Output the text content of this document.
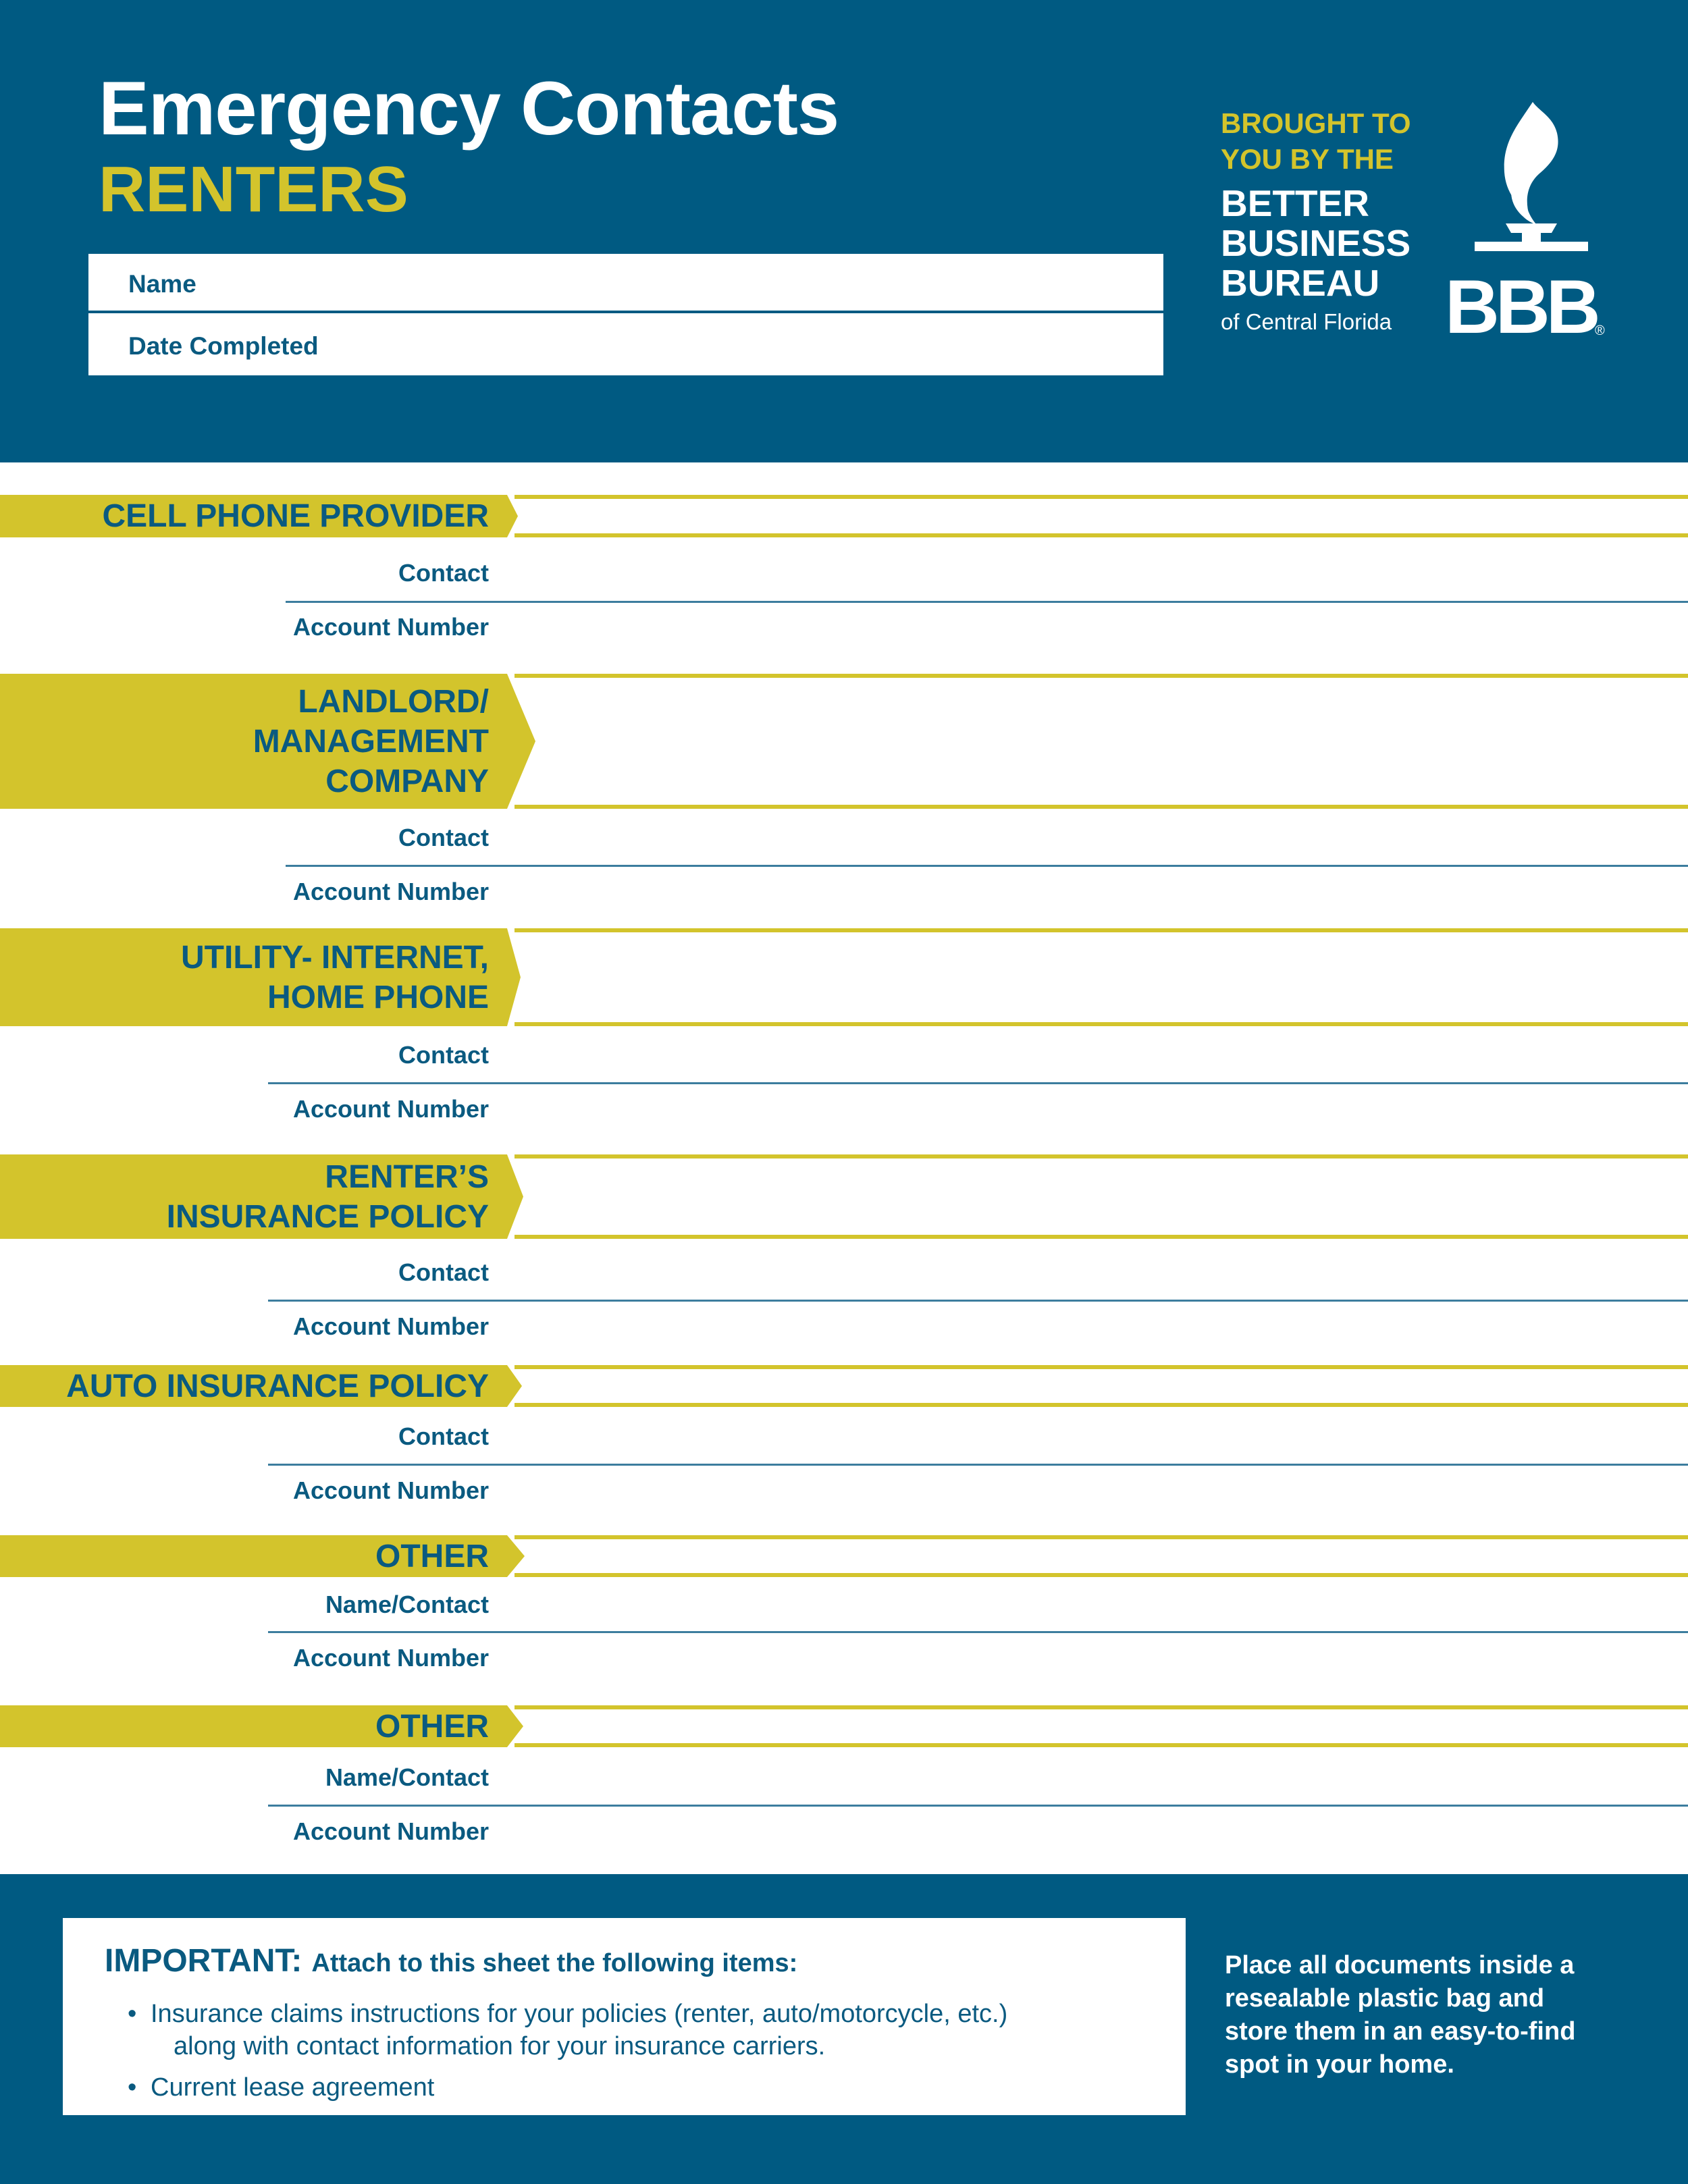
Emergency Contacts
RENTERS
Name
Date Completed
BROUGHT TO
YOU BY THE
BETTER
BUSINESS
BUREAU
of Central Florida BBB
®
CELL PHONE PROVIDER
Contact
Account Number
LANDLORD/
MANAGEMENT
COMPANY
Contact
Account Number
UTILITY- INTERNET,
HOME PHONE
Contact
Account Number
RENTER’S
INSURANCE POLICY
Contact
Account Number
AUTO INSURANCE POLICY
Contact
Account Number
OTHER
Name/Contact
Account Number
OTHER
Name/Contact
Account Number
IMPORTANT: Attach to this sheet the following items:
• Insurance claims instructions for your policies (renter, auto/motorcycle, etc.)
along with contact information for your insurance carriers.
• Current lease agreement
Place all documents inside a
resealable plastic bag and
store them in an easy-to-find
spot in your home.
